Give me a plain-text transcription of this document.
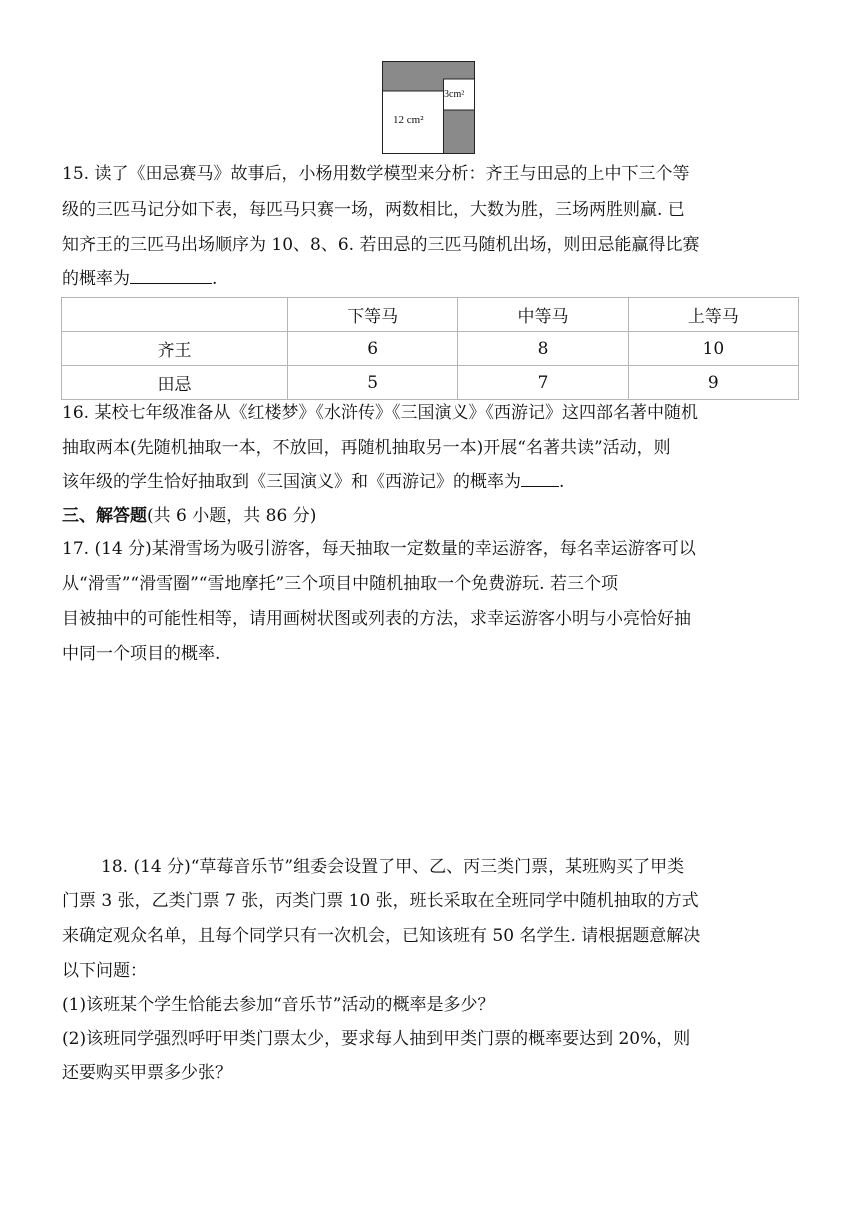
12 cm²
3cm²
15. 读了《田忌赛马》故事后，小杨用数学模型来分析：齐王与田忌的上中下三个等
级的三匹马记分如下表，每匹马只赛一场，两数相比，大数为胜，三场两胜则赢. 已
知齐王的三匹马出场顺序为 10、8、6. 若田忌的三匹马随机出场，则田忌能赢得比赛
的概率为	.
	下等马	中等马	上等马
齐王	6	8	10
田忌	5	7	9
16. 某校七年级准备从《红楼梦》《水浒传》《三国演义》《西游记》这四部名著中随机
抽取两本(先随机抽取一本，不放回，再随机抽取另一本)开展“名著共读”活动，则
该年级的学生恰好抽取到《三国演义》和《西游记》的概率为 .
三、解答题(共 6 小题，共 86 分)
17. (14 分)某滑雪场为吸引游客，每天抽取一定数量的幸运游客，每名幸运游客可以
从“滑雪”“滑雪圈”“雪地摩托”三个项目中随机抽取一个免费游玩. 若三个项
目被抽中的可能性相等，请用画树状图或列表的方法，求幸运游客小明与小亮恰好抽
中同一个项目的概率.
18. (14 分)“草莓音乐节”组委会设置了甲、乙、丙三类门票，某班购买了甲类
门票 3 张，乙类门票 7 张，丙类门票 10 张，班长采取在全班同学中随机抽取的方式
来确定观众名单，且每个同学只有一次机会，已知该班有 50 名学生. 请根据题意解决
以下问题：
(1)该班某个学生恰能去参加“音乐节”活动的概率是多少？
(2)该班同学强烈呼吁甲类门票太少，要求每人抽到甲类门票的概率要达到 20%，则
还要购买甲票多少张？
